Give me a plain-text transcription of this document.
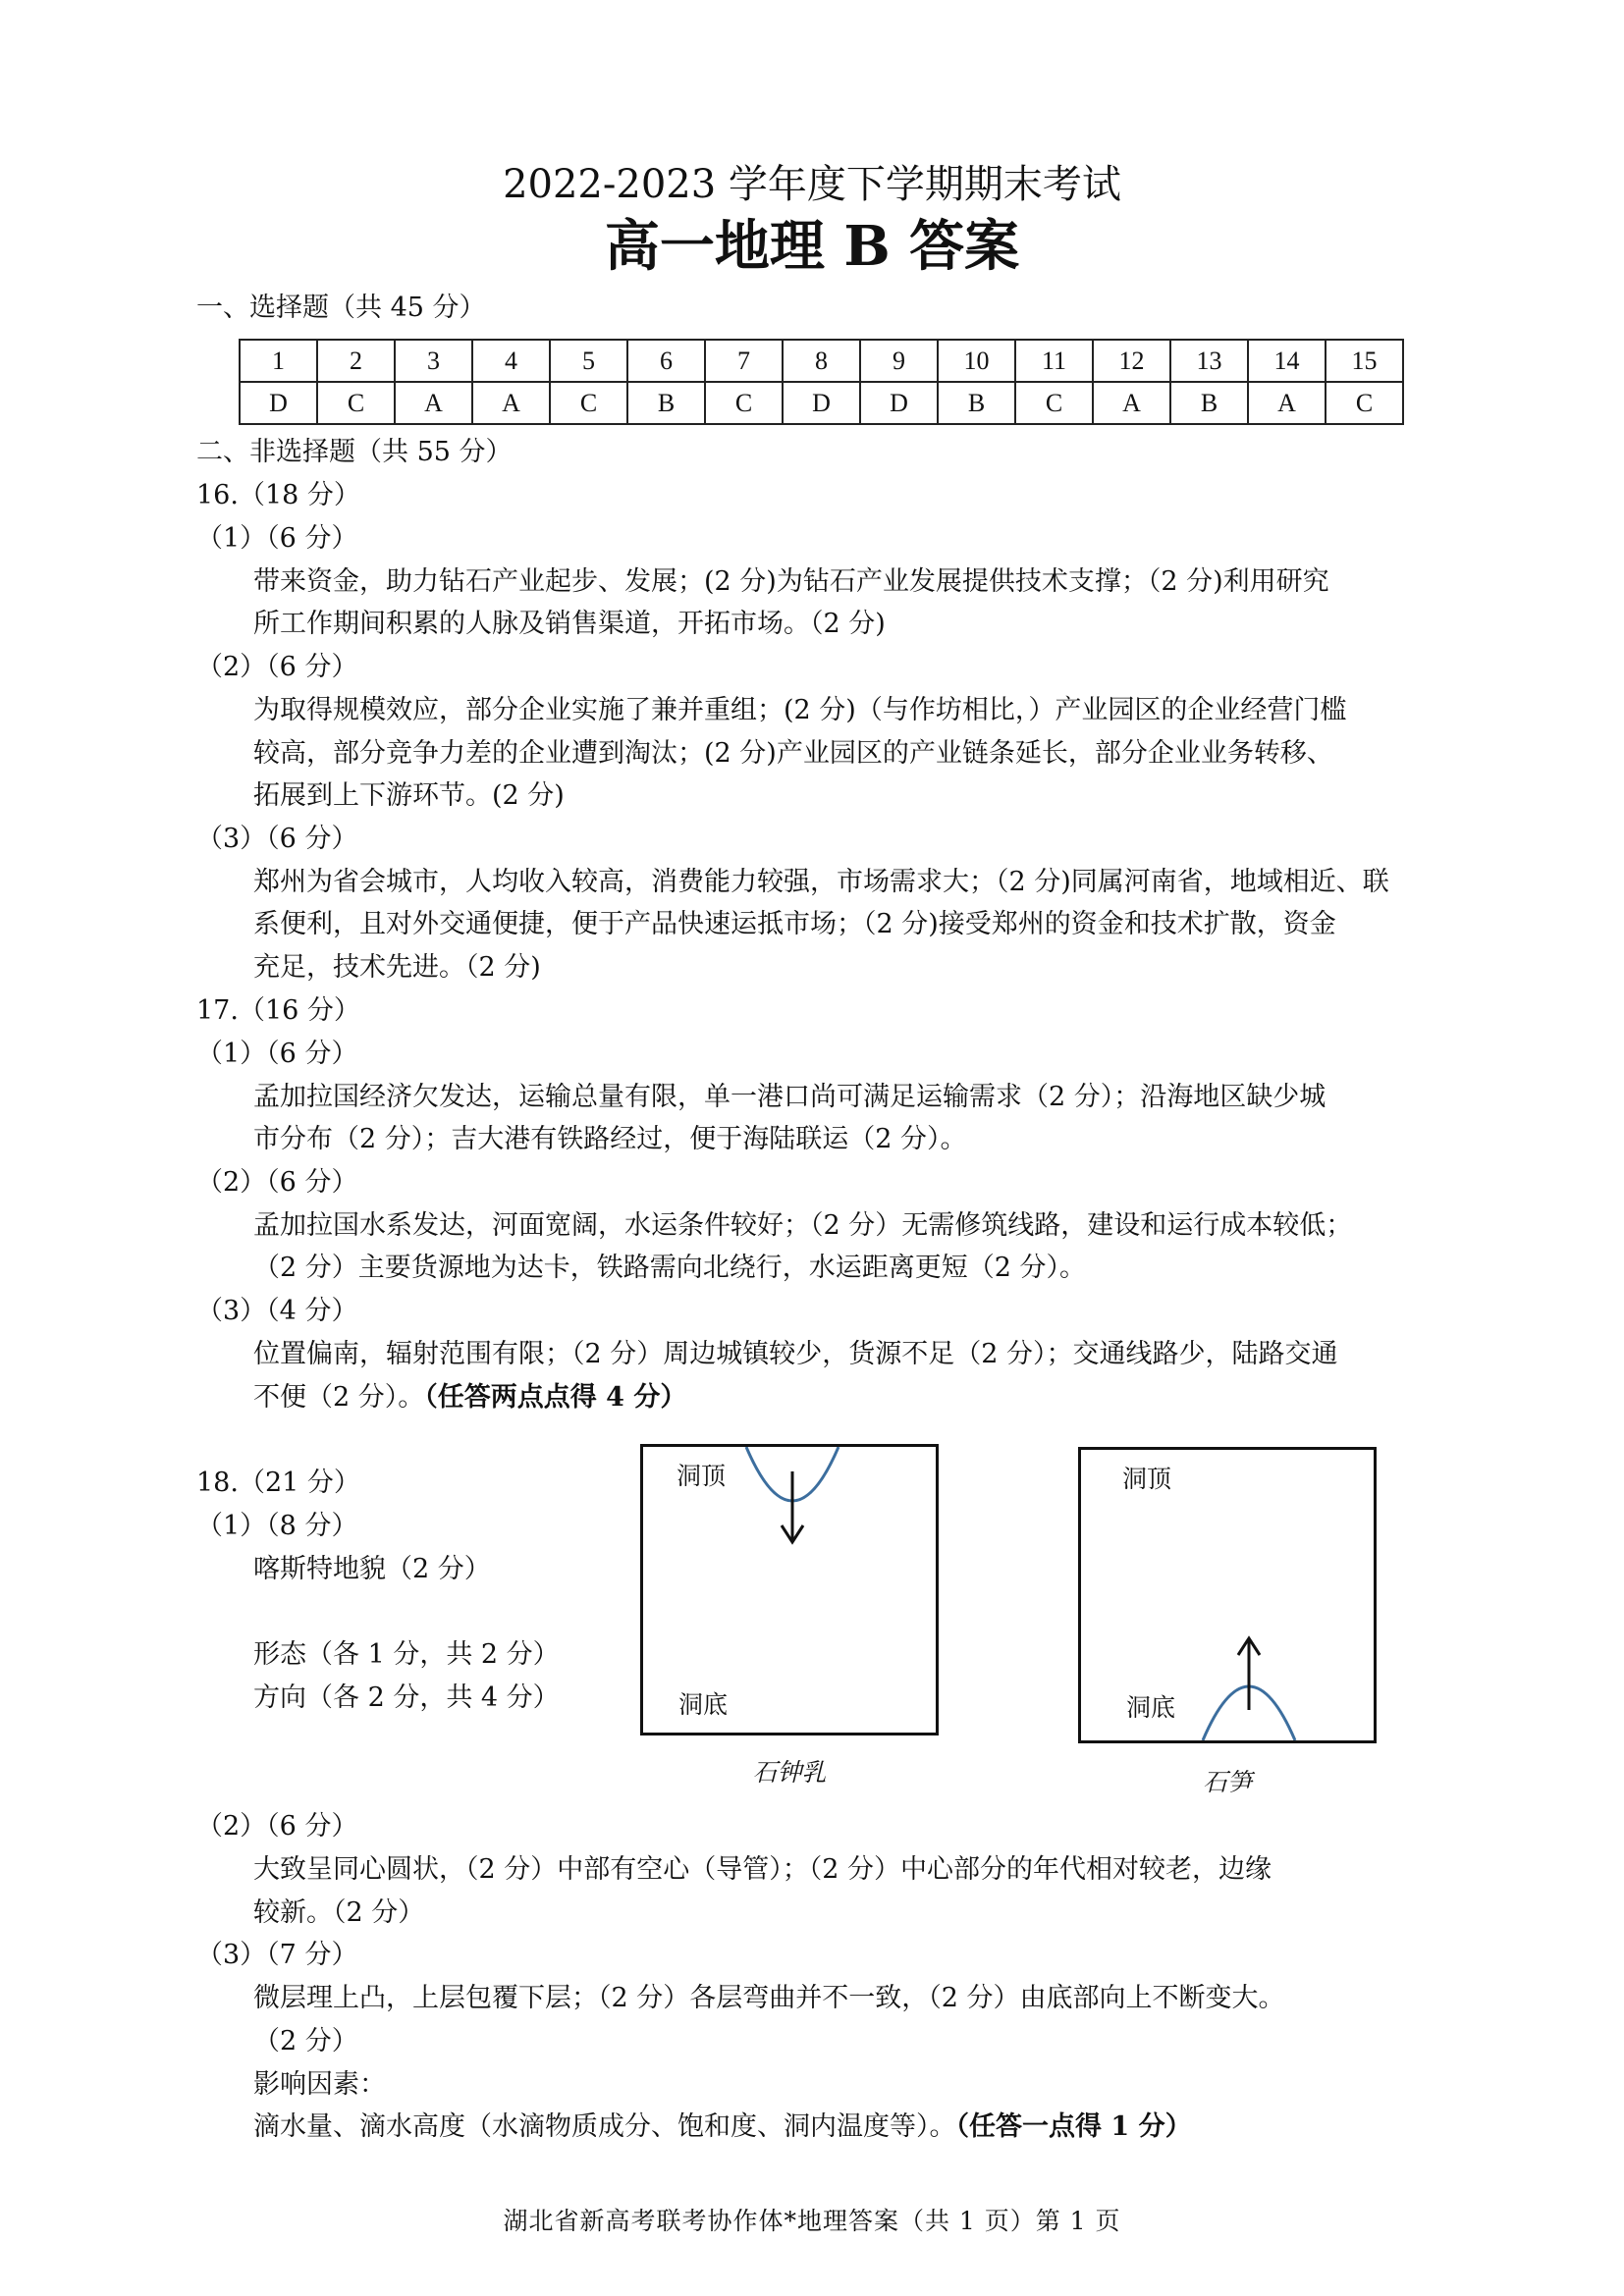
2022-2023 学年度下学期期末考试
高一地理 B 答案
一、选择题（共 45 分）
1	2	3	4	5	6	7	8	9	10	11	12	13	14	15
D	C	A	A	C	B	C	D	D	B	C	A	B	A	C
二、非选择题（共 55 分）
16.（18 分）
（1）（6 分）
带来资金，助力钻石产业起步、发展；(2 分)为钻石产业发展提供技术支撑；（2 分)利用研究
所工作期间积累的人脉及销售渠道，开拓市场。（2 分)
（2）（6 分）
为取得规模效应，部分企业实施了兼并重组；(2 分)（与作坊相比，）产业园区的企业经营门槛
较高，部分竞争力差的企业遭到淘汰；(2 分)产业园区的产业链条延长，部分企业业务转移、
拓展到上下游环节。(2 分)
（3）（6 分）
郑州为省会城市，人均收入较高，消费能力较强，市场需求大；（2 分)同属河南省，地域相近、联
系便利，且对外交通便捷，便于产品快速运抵市场；（2 分)接受郑州的资金和技术扩散，资金
充足，技术先进。（2 分)
17.（16 分）
（1）（6 分）
孟加拉国经济欠发达，运输总量有限，单一港口尚可满足运输需求（2 分）；沿海地区缺少城
市分布（2 分）；吉大港有铁路经过，便于海陆联运（2 分）。
（2）（6 分）
孟加拉国水系发达，河面宽阔，水运条件较好；（2 分）无需修筑线路，建设和运行成本较低；
（2 分）主要货源地为达卡，铁路需向北绕行，水运距离更短（2 分）。
（3）（4 分）
位置偏南，辐射范围有限；（2 分）周边城镇较少，货源不足（2 分）；交通线路少，陆路交通
不便（2 分）。（任答两点点得 4 分）
18.（21 分）
（1）（8 分）
喀斯特地貌（2 分）
形态（各 1 分，共 2 分）
方向（各 2 分，共 4 分）
洞顶
洞底
石钟乳
洞顶
洞底
石笋
（2）（6 分）
大致呈同心圆状，（2 分）中部有空心（导管）；（2 分）中心部分的年代相对较老，边缘
较新。（2 分）
（3）（7 分）
微层理上凸，上层包覆下层；（2 分）各层弯曲并不一致，（2 分）由底部向上不断变大。
（2 分）
影响因素：
滴水量、滴水高度（水滴物质成分、饱和度、洞内温度等）。（任答一点得 1 分）
湖北省新高考联考协作体*地理答案（共 1 页）第 1 页
